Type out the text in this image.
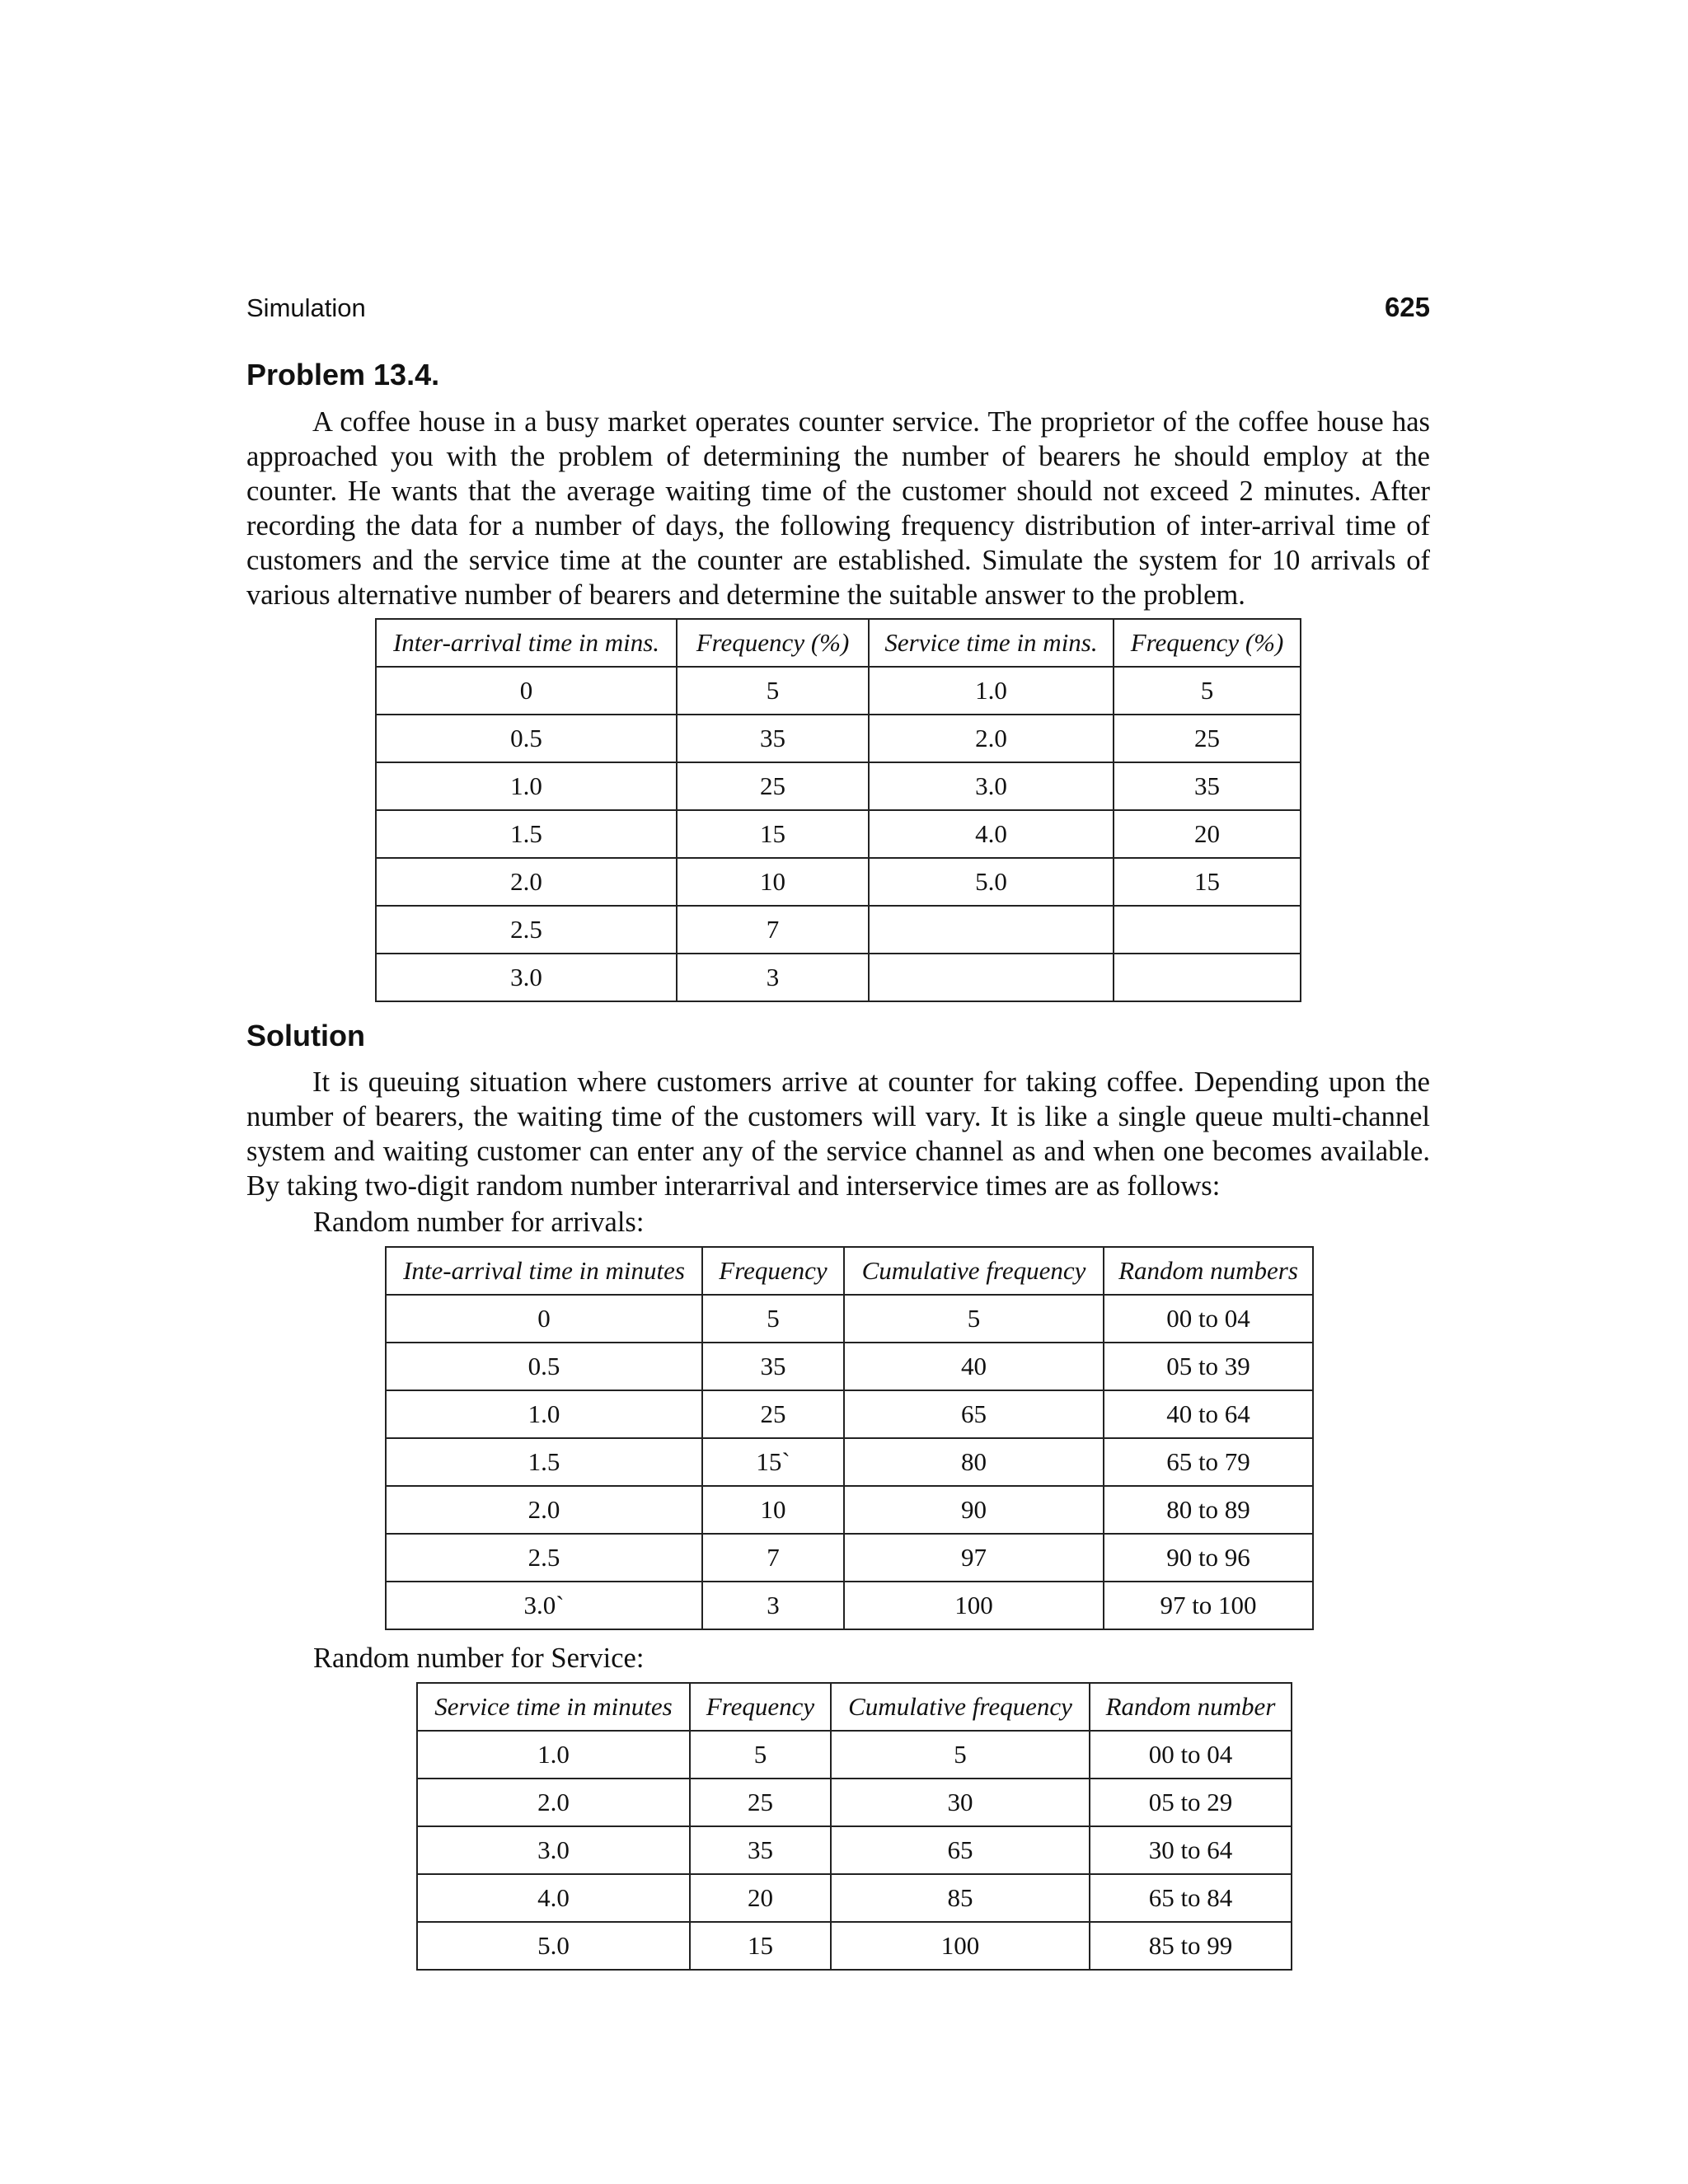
Simulation	625
Problem 13.4.

A coffee house in a busy market operates counter service. The proprietor of the coffee house has approached you with the problem of determining the number of bearers he should employ at the counter. He wants that the average waiting time of the customer should not exceed 2 minutes. After recording the data for a number of days, the following frequency distribution of inter-arrival time of customers and the service time at the counter are established. Simulate the system for 10 arrivals of various alternative number of bearers and determine the suitable answer to the problem.

Inter-arrival time in mins.	Frequency (%)	Service time in mins.	Frequency (%)
0	5	1.0	5
0.5	35	2.0	25
1.0	25	3.0	35
1.5	15	4.0	20
2.0	10	5.0	15
2.5	7		
3.0	3		
Solution

It is queuing situation where customers arrive at counter for taking coffee. Depending upon the number of bearers, the waiting time of the customers will vary. It is like a single queue multi-channel system and waiting customer can enter any of the service channel as and when one becomes available. By taking two-digit random number interarrival and interservice times are as follows:

Random number for arrivals:
Inte-arrival time in minutes	Frequency	Cumulative frequency	Random numbers
0	5	5	00 to 04
0.5	35	40	05 to 39
1.0	25	65	40 to 64
1.5	15`	80	65 to 79
2.0	10	90	80 to 89
2.5	7	97	90 to 96
3.0`	3	100	97 to 100
Random number for Service:
Service time in minutes	Frequency	Cumulative frequency	Random number
1.0	5	5	00 to 04
2.0	25	30	05 to 29
3.0	35	65	30 to 64
4.0	20	85	65 to 84
5.0	15	100	85 to 99
